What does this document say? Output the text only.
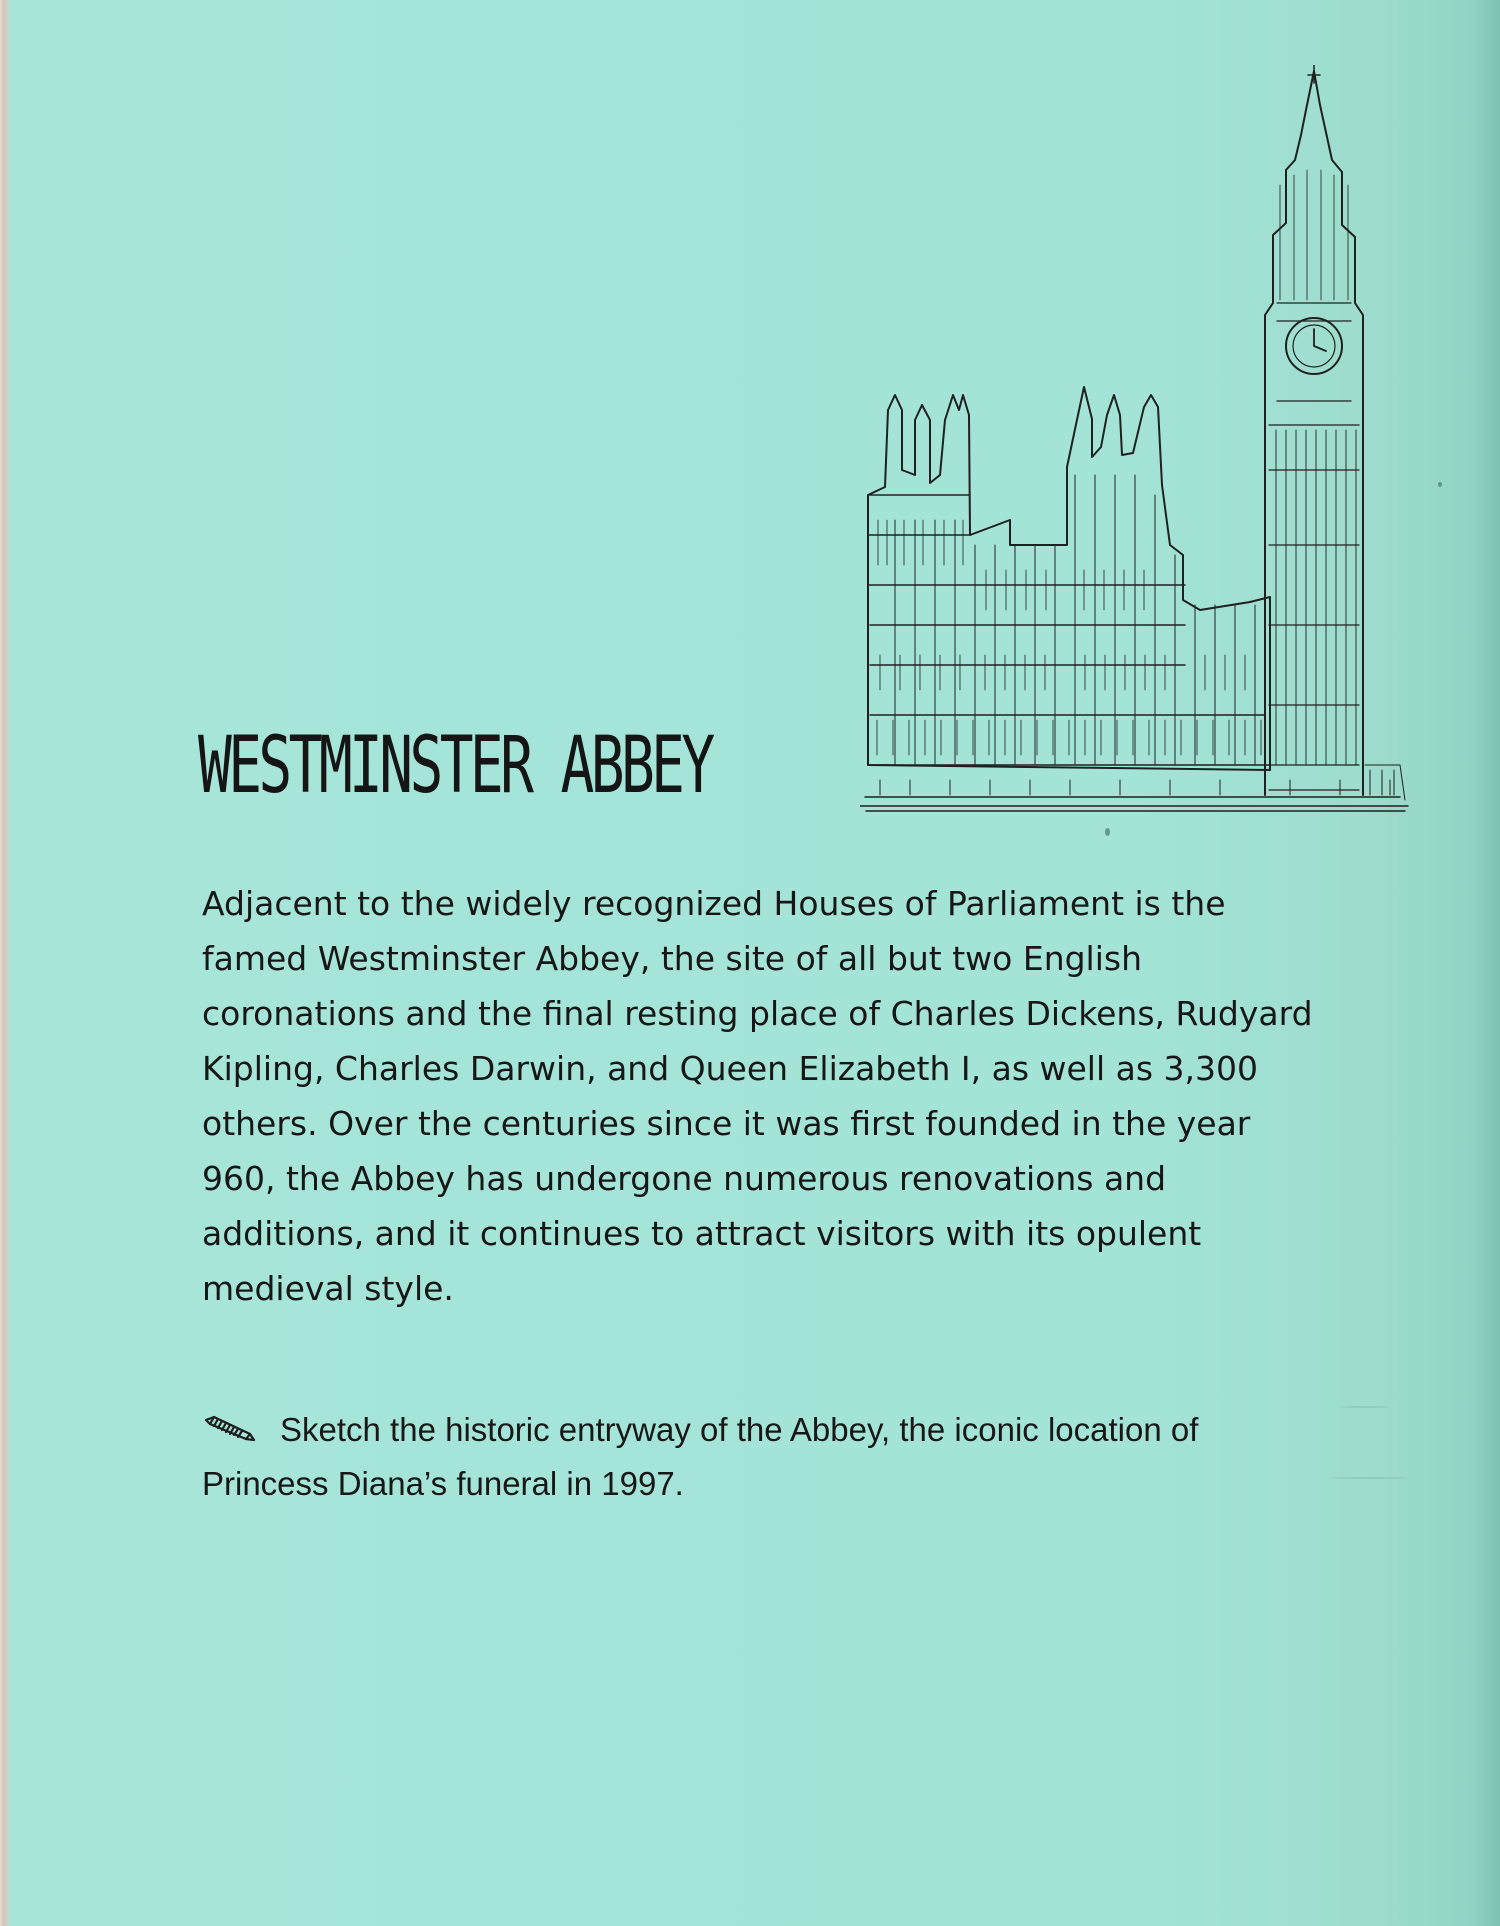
WESTMINSTER ABBEY

Adjacent to the widely recognized Houses of Parliament is the famed Westminster Abbey, the site of all but two English coronations and the final resting place of Charles Dickens, Rudyard Kipling, Charles Darwin, and Queen Elizabeth I, as well as 3,300 others. Over the centuries since it was first founded in the year 960, the Abbey has undergone numerous renovations and additions, and it continues to attract visitors with its opulent medieval style.

Sketch the historic entryway of the Abbey, the iconic location of Princess Diana’s funeral in 1997.
